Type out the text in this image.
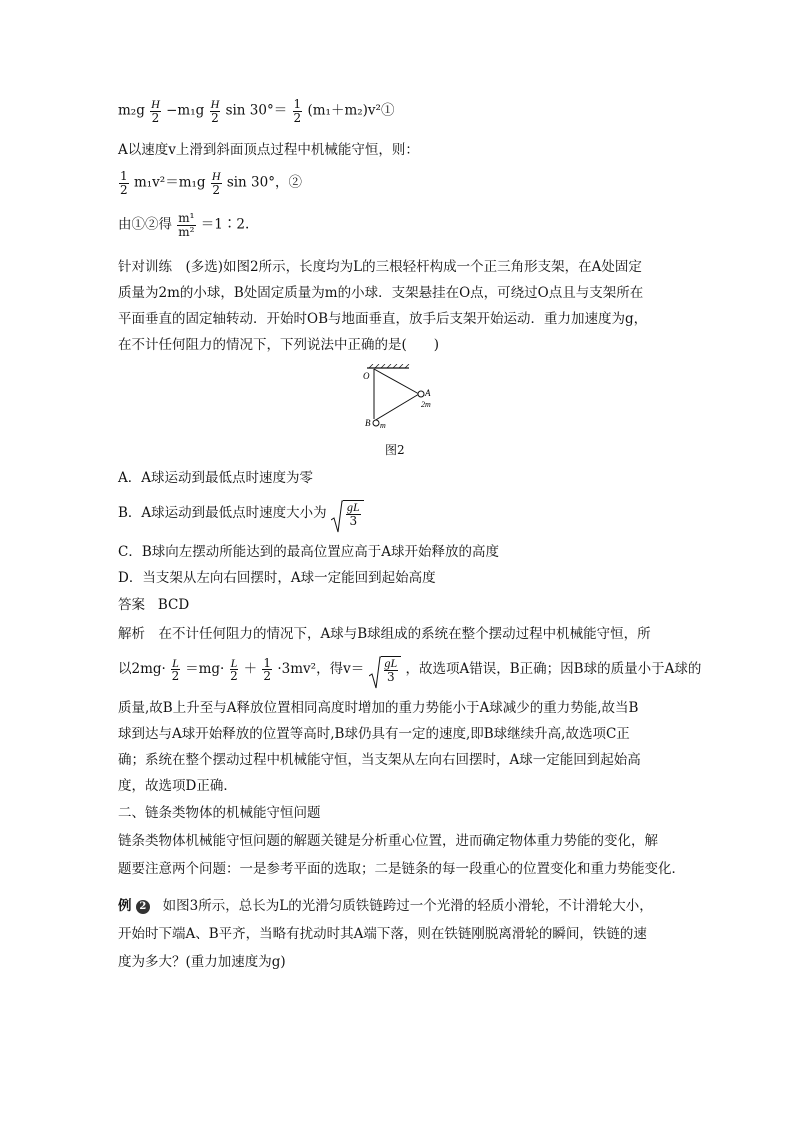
$m_2g \frac{H}{2} -m_1g \frac{H}{2}$ $\sin 30^\circ= \frac{1}{2}$ (m₁＋m₂)v²①
A以速度v上滑到斜面顶点过程中机械能守恒，则：
$\frac{1}{2} m_1v^2=m_1g \frac{H}{2}$ sin 30°，②
由①②得 $\frac{\text{m¹}}{\text{m²}}$ ＝1∶2.
针对训练　(多选)如图2所示，长度均为L的三根轻杆构成一个正三角形支架，在A处固定
质量为2m的小球，B处固定质量为m的小球．支架悬挂在O点，可绕过O点且与支架所在
平面垂直的固定轴转动．开始时OB与地面垂直，放手后支架开始运动．重力加速度为g，
在不计任何阻力的情况下，下列说法中正确的是(　　)
O
A
2m
B m
图2
A．A球运动到最低点时速度为零
B．A球运动到最低点时速度大小为 $\frac{gL}{3}$
C．B球向左摆动所能达到的最高位置应高于A球开始释放的高度
D．当支架从左向右回摆时，A球一定能回到起始高度
答案 BCD
解析　在不计任何阻力的情况下，A球与B球组成的系统在整个摆动过程中机械能守恒，所
以$2mg\cdot \frac{L}{2} =mg\cdot \frac{L}{2} + \frac{1}{2} \cdot 3mv^2$，得$v= \frac{gL}{3}$ ，故选项A错误，B正确；因B球的质量小于A球的
质量,故B上升至与A释放位置相同高度时增加的重力势能小于A球减少的重力势能,故当B
球到达与A球开始释放的位置等高时,B球仍具有一定的速度,即B球继续升高,故选项C正
确；系统在整个摆动过程中机械能守恒，当支架从左向右回摆时，A球一定能回到起始高
度，故选项D正确．
二、链条类物体的机械能守恒问题
链条类物体机械能守恒问题的解题关键是分析重心位置，进而确定物体重力势能的变化，解
题要注意两个问题：一是参考平面的选取；二是链条的每一段重心的位置变化和重力势能变化．
例 2 如图3所示，总长为L的光滑匀质铁链跨过一个光滑的轻质小滑轮，不计滑轮大小，
开始时下端A、B平齐，当略有扰动时其A端下落，则在铁链刚脱离滑轮的瞬间，铁链的速
度为多大？(重力加速度为g)
